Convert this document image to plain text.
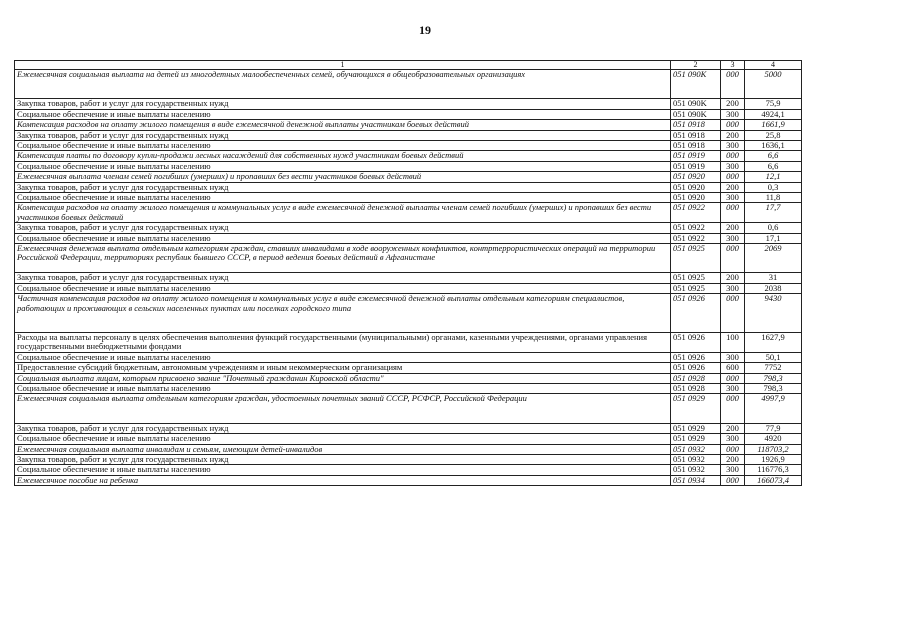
19
1	2	3	4
Ежемесячная социальная выплата на детей из многодетных малообеспеченных семей, обучающихся в общеобразовательных организациях	051 090K	000	5000
Закупка товаров, работ и услуг для государственных нужд	051 090K	200	75,9
Социальное обеспечение и иные выплаты населению	051 090K	300	4924,1
Компенсация расходов на оплату жилого помещения в виде ежемесячной денежной выплаты участникам боевых действий	051 0918	000	1661,9
Закупка товаров, работ и услуг для государственных нужд	051 0918	200	25,8
Социальное обеспечение и иные выплаты населению	051 0918	300	1636,1
Компенсация платы по договору купли-продажи лесных насаждений для собственных нужд участникам боевых действий	051 0919	000	6,6
Социальное обеспечение и иные выплаты населению	051 0919	300	6,6
Ежемесячная выплата членам семей погибших (умерших) и пропавших без вести участников боевых действий	051 0920	000	12,1
Закупка товаров, работ и услуг для государственных нужд	051 0920	200	0,3
Социальное обеспечение и иные выплаты населению	051 0920	300	11,8
Компенсация расходов на оплату жилого помещения и коммунальных услуг в виде ежемесячной денежной выплаты членам семей погибших (умерших) и пропавших без вести участников боевых действий	051 0922	000	17,7
Закупка товаров, работ и услуг для государственных нужд	051 0922	200	0,6
Социальное обеспечение и иные выплаты населению	051 0922	300	17,1
Ежемесячная денежная выплата отдельным категориям граждан, ставших инвалидами в ходе вооруженных конфликтов, контртеррористических операций на территории Российской Федерации, территориях республик бывшего СССР, в период ведения боевых действий в Афганистане	051 0925	000	2069
Закупка товаров, работ и услуг для государственных нужд	051 0925	200	31
Социальное обеспечение и иные выплаты населению	051 0925	300	2038
Частичная компенсация расходов на оплату жилого помещения и коммунальных услуг в виде ежемесячной денежной выплаты отдельным категориям специалистов, работающих и проживающих в сельских населенных пунктах или поселках городского типа	051 0926	000	9430
Расходы на выплаты персоналу в целях обеспечения выполнения функций государственными (муниципальными) органами, казенными учреждениями, органами управления государственными внебюджетными фондами	051 0926	100	1627,9
Социальное обеспечение и иные выплаты населению	051 0926	300	50,1
Предоставление субсидий бюджетным, автономным учреждениям и иным некоммерческим организациям	051 0926	600	7752
Социальная выплата лицам, которым присвоено звание "Почетный гражданин Кировской области"	051 0928	000	798,3
Социальное обеспечение и иные выплаты населению	051 0928	300	798,3
Ежемесячная социальная выплата отдельным категориям граждан, удостоенных почетных званий СССР, РСФСР, Российской Федерации	051 0929	000	4997,9
Закупка товаров, работ и услуг для государственных нужд	051 0929	200	77,9
Социальное обеспечение и иные выплаты населению	051 0929	300	4920
Ежемесячная социальная выплата инвалидам и семьям, имеющим детей-инвалидов	051 0932	000	118703,2
Закупка товаров, работ и услуг для государственных нужд	051 0932	200	1926,9
Социальное обеспечение и иные выплаты населению	051 0932	300	116776,3
Ежемесячное пособие на ребенка	051 0934	000	166073,4
